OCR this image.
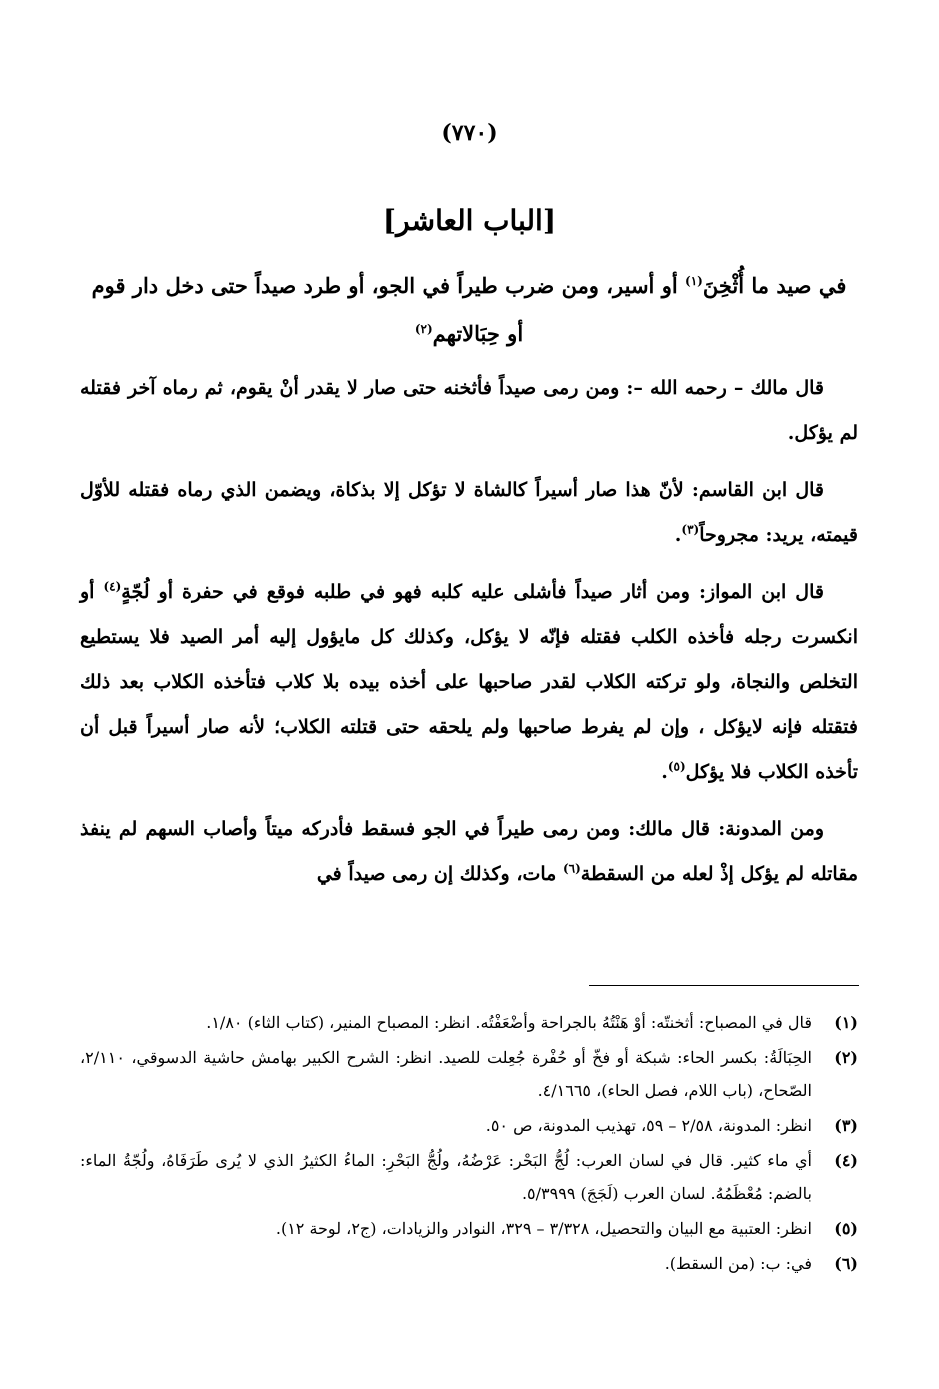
(٧٧٠)
[الباب العاشر]
في صيد ما أُثْخِنَ$^{(١)}$ أو أسير، ومن ضرب طيراً في الجو، أو طرد صيداً حتى دخل دار قوم أو حِبَالاتهم$^{(٢)}$

قال مالك – رحمه الله –: ومن رمى صيداً فأثخنه حتى صار لا يقدر أنْ يقوم، ثم رماه آخر فقتله لم يؤكل.

قال ابن القاسم: لأنّ هذا صار أسيراً كالشاة لا تؤكل إلا بذكاة، ويضمن الذي رماه فقتله للأوّل قيمته، يريد: مجروحاً$^{(٣)}$.

قال ابن المواز: ومن أثار صيداً فأشلى عليه كلبه فهو في طلبه فوقع في حفرة أو لُجّةٍ$^{(٤)}$ أو انكسرت رجله فأخذه الكلب فقتله فإنّه لا يؤكل، وكذلك كل مايؤول إليه أمر الصيد فلا يستطيع التخلص والنجاة، ولو تركته الكلاب لقدر صاحبها على أخذه بيده بلا كلاب فتأخذه الكلاب بعد ذلك فتقتله فإنه لايؤكل ، وإن لم يفرط صاحبها ولم يلحقه حتى قتلته الكلاب؛ لأنه صار أسيراً قبل أن تأخذه الكلاب فلا يؤكل$^{(٥)}$.

ومن المدونة: قال مالك: ومن رمى طيراً في الجو فسقط فأدركه ميتاً وأصاب السهم لم ينفذ مقاتله لم يؤكل إذْ لعله من السقطة$^{(٦)}$ مات، وكذلك إن رمى صيداً في

(١)
قال في المصباح: أثخنتّه: أوْ هَنْتُهُ بالجراحة وأضْعَفْتُه. انظر: المصباح المنير، (كتاب الثاء) ١/٨٠.
(٢)
الحِبَالَةُ: بكسر الحاء: شبكة أو فخّ أو حُفْرة جُعِلت للصيد. انظر: الشرح الكبير بهامش حاشية الدسوقي، ٢/١١٠، الصّحاح، (باب اللام، فصل الحاء)، ٤/١٦٦٥.
(٣)
انظر: المدونة، ٢/٥٨ – ٥٩، تهذيب المدونة، ص ٥٠.
(٤)
أي ماء كثير. قال في لسان العرب: لُجُّ البَحْر: عَرْضُهُ، ولُجُّ البَحْرِ: الماءُ الكثيرُ الذي لا يُرى طَرَفَاهُ، ولُجّةُ الماء: بالضم: مُعْظَمُهُ. لسان العرب (لَجَجَ) ٥/٣٩٩٩.
(٥)
انظر: العتبية مع البيان والتحصيل، ٣/٣٢٨ – ٣٢٩، النوادر والزيادات، (ج٢، لوحة ١٢).
(٦)
في: ب: (من السقط).
